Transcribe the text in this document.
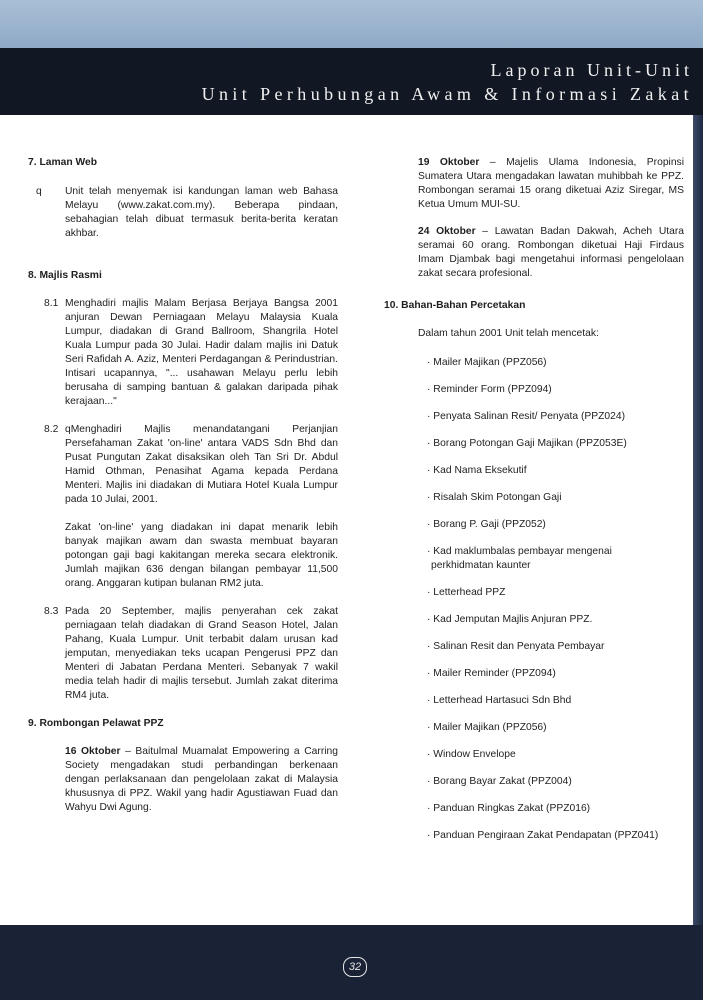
Laporan Unit-Unit
Unit Perhubungan Awam & Informasi Zakat

7. Laman Web

q Unit telah menyemak isi kandungan laman web Bahasa Melayu (www.zakat.com.my). Beberapa pindaan, sebahagian telah dibuat termasuk berita-berita keratan akhbar.

8. Majlis Rasmi

8.1 Menghadiri majlis Malam Berjasa Berjaya Bangsa 2001 anjuran Dewan Perniagaan Melayu Malaysia Kuala Lumpur, diadakan di Grand Ballroom, Shangrila Hotel Kuala Lumpur pada 30 Julai. Hadir dalam majlis ini Datuk Seri Rafidah A. Aziz, Menteri Perdagangan & Perindustrian. Intisari ucapannya, "... usahawan Melayu perlu lebih berusaha di samping bantuan & galakan daripada pihak kerajaan..."
8.2 qMenghadiri Majlis menandatangani Perjanjian Persefahaman Zakat 'on-line' antara VADS Sdn Bhd dan Pusat Pungutan Zakat disaksikan oleh Tan Sri Dr. Abdul Hamid Othman, Penasihat Agama kepada Perdana Menteri. Majlis ini diadakan di Mutiara Hotel Kuala Lumpur pada 10 Julai, 2001.
Zakat 'on-line' yang diadakan ini dapat menarik lebih banyak majikan awam dan swasta membuat bayaran potongan gaji bagi kakitangan mereka secara elektronik. Jumlah majikan 636 dengan bilangan pembayar 11,500 orang. Anggaran kutipan bulanan RM2 juta.
8.3 Pada 20 September, majlis penyerahan cek zakat perniagaan telah diadakan di Grand Season Hotel, Jalan Pahang, Kuala Lumpur. Unit terbabit dalam urusan kad jemputan, menyediakan teks ucapan Pengerusi PPZ dan Menteri di Jabatan Perdana Menteri. Sebanyak 7 wakil media telah hadir di majlis tersebut. Jumlah zakat diterima RM4 juta.

9. Rombongan Pelawat PPZ

16 Oktober – Baitulmal Muamalat Empowering a Carring Society mengadakan studi perbandingan berkenaan dengan perlaksanaan dan pengelolaan zakat di Malaysia khususnya di PPZ. Wakil yang hadir Agustiawan Fuad dan Wahyu Dwi Agung.
19 Oktober – Majelis Ulama Indonesia, Propinsi Sumatera Utara mengadakan lawatan muhibbah ke PPZ. Rombongan seramai 15 orang diketuai Aziz Siregar, MS Ketua Umum MUI-SU.
24 Oktober – Lawatan Badan Dakwah, Acheh Utara seramai 60 orang. Rombongan diketuai Haji Firdaus Imam Djambak bagi mengetahui informasi pengelolaan zakat secara profesional.

10. Bahan-Bahan Percetakan

Dalam tahun 2001 Unit telah mencetak:

· Mailer Majikan (PPZ056)
· Reminder Form (PPZ094)
· Penyata Salinan Resit/ Penyata (PPZ024)
· Borang Potongan Gaji Majikan (PPZ053E)
· Kad Nama Eksekutif
· Risalah Skim Potongan Gaji
· Borang P. Gaji (PPZ052)
· Kad maklumbalas pembayar mengenai
perkhidmatan kaunter
· Letterhead PPZ
· Kad Jemputan Majlis Anjuran PPZ.
· Salinan Resit dan Penyata Pembayar
· Mailer Reminder (PPZ094)
· Letterhead Hartasuci Sdn Bhd
· Mailer Majikan (PPZ056)
· Window Envelope
· Borang Bayar Zakat (PPZ004)
· Panduan Ringkas Zakat (PPZ016)
· Panduan Pengiraan Zakat Pendapatan (PPZ041)
32
